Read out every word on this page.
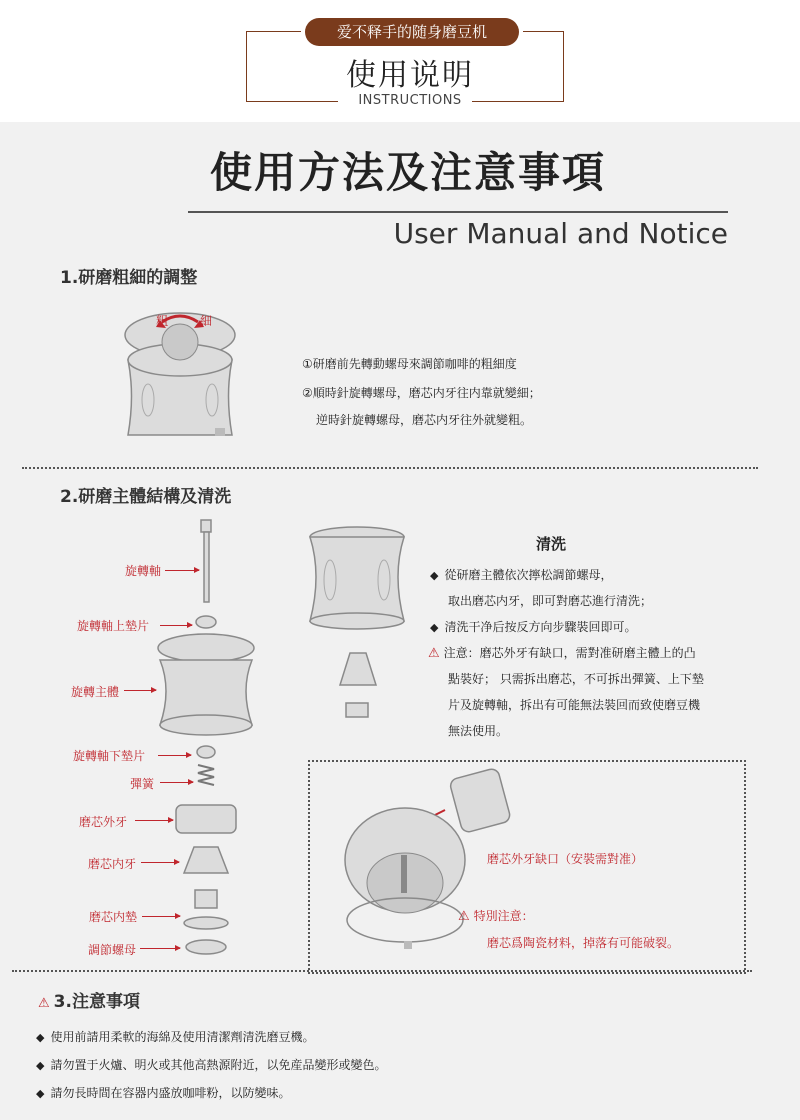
爱不释手的随身磨豆机
使用说明
INSTRUCTIONS
使用方法及注意事項
User Manual and Notice
1.研磨粗細的調整
粗	細
①研磨前先轉動螺母來調節咖啡的粗細度
②順時針旋轉螺母，磨芯内牙往内靠就變細；
逆時針旋轉螺母，磨芯内牙往外就變粗。
2.研磨主體結構及清洗
旋轉軸
旋轉軸上墊片
旋轉主體
旋轉軸下墊片
彈簧
磨芯外牙
磨芯内牙
磨芯内墊
調節螺母
清洗
◆ 從研磨主體依次擰松調節螺母，
取出磨芯内牙，即可對磨芯進行清洗；
◆ 清洗干净后按反方向步驟裝回即可。
⚠ 注意：磨芯外牙有缺口，需對准研磨主體上的凸
點裝好； 只需拆出磨芯，不可拆出彈簧、上下墊
片及旋轉軸，拆出有可能無法裝回而致使磨豆機
無法使用。
磨芯外牙缺口（安裝需對准）
⚠ 特別注意：
磨芯爲陶瓷材料，掉落有可能破裂。
⚠ 3.注意事項
◆ 使用前請用柔軟的海綿及使用清潔劑清洗磨豆機。
◆ 請勿置于火爐、明火或其他高熱源附近，以免産品變形或變色。
◆ 請勿長時間在容器内盛放咖啡粉，以防變味。
